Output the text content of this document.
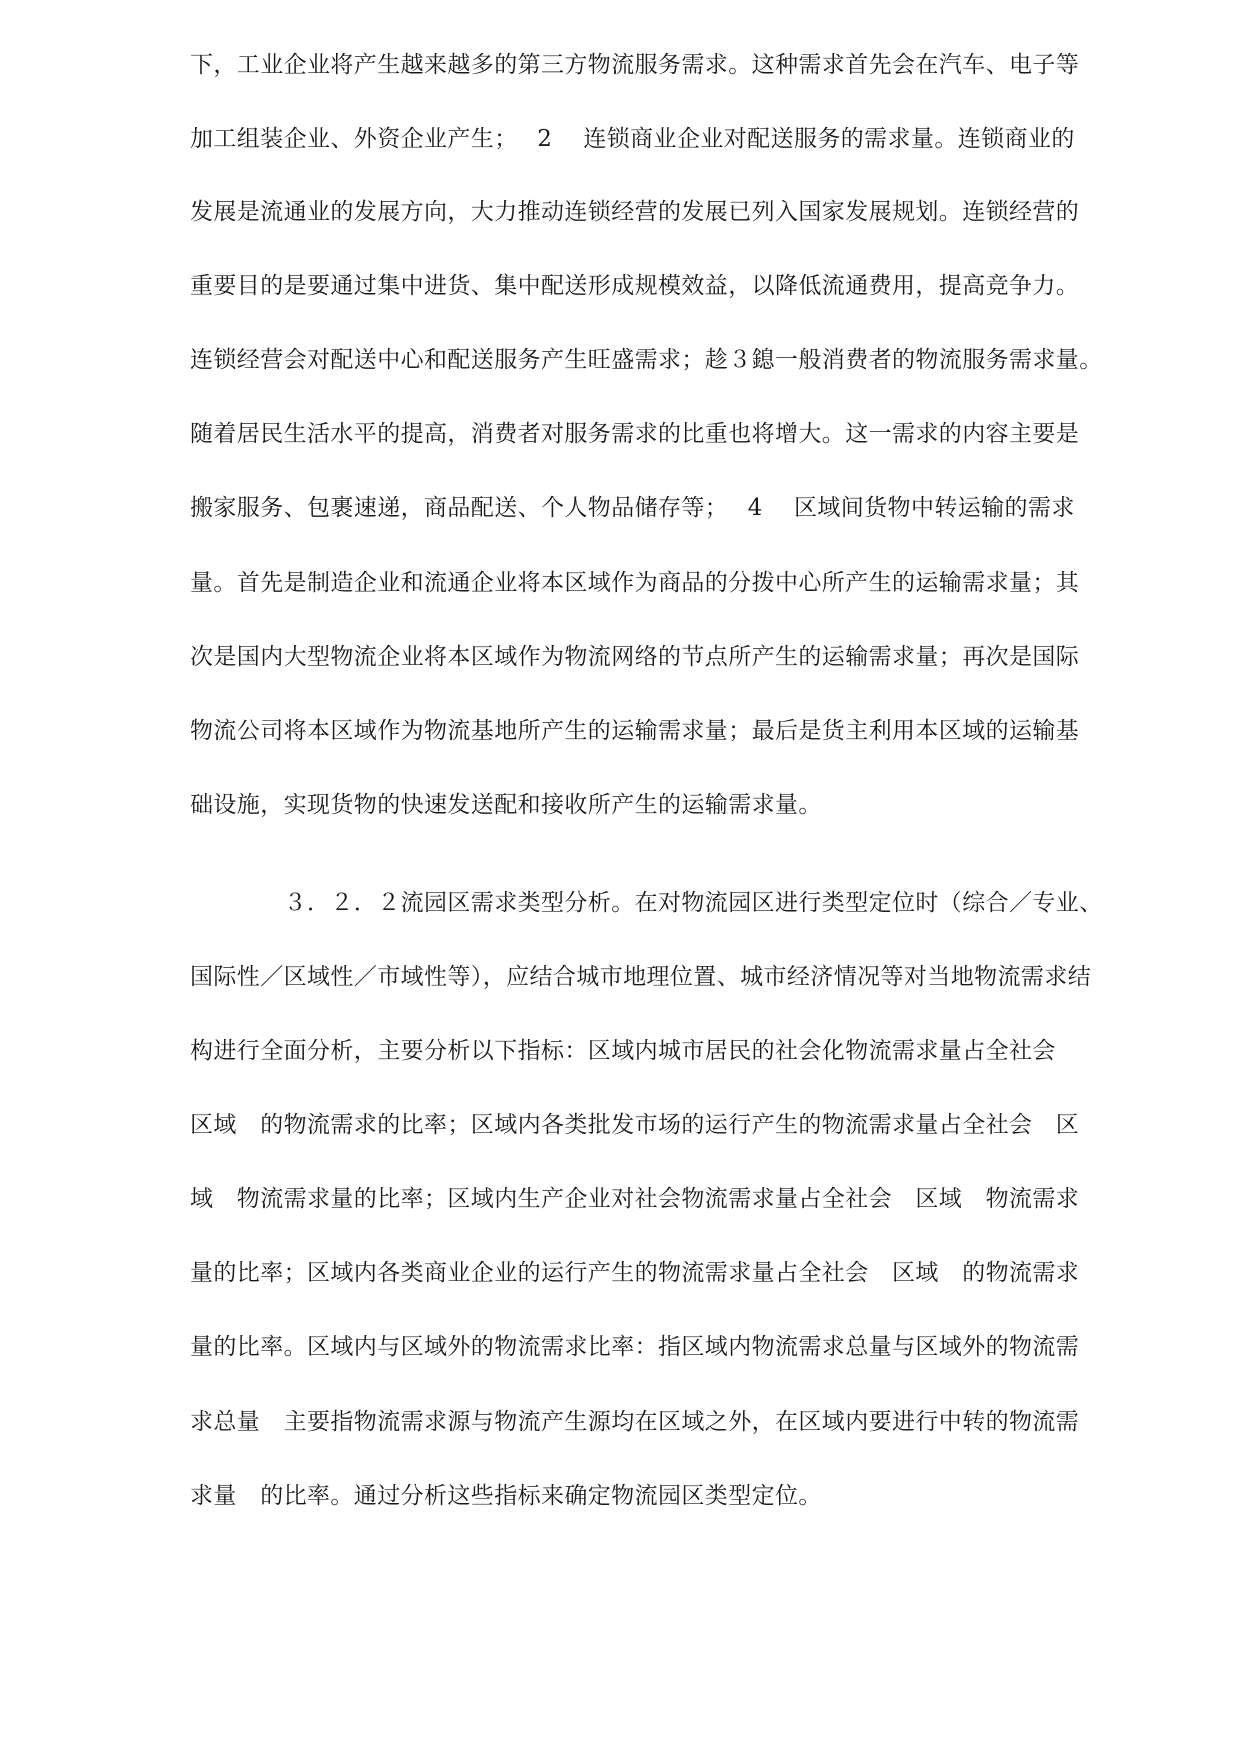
下，工业企业将产生越来越多的第三方物流服务需求。这种需求首先会在汽车、电子等
加工组装企业、外资企业产生；　 2　 连锁商业企业对配送服务的需求量。连锁商业的
发展是流通业的发展方向，大力推动连锁经营的发展已列入国家发展规划。连锁经营的
重要目的是要通过集中进货、集中配送形成规模效益，以降低流通费用，提高竞争力。
连锁经营会对配送中心和配送服务产生旺盛需求；趁３鎴一般消费者的物流服务需求量。
随着居民生活水平的提高，消费者对服务需求的比重也将增大。这一需求的内容主要是
搬家服务、包裹速递，商品配送、个人物品储存等；　 4　 区域间货物中转运输的需求
量。首先是制造企业和流通企业将本区域作为商品的分拨中心所产生的运输需求量；其
次是国内大型物流企业将本区域作为物流网络的节点所产生的运输需求量；再次是国际
物流公司将本区域作为物流基地所产生的运输需求量；最后是货主利用本区域的运输基
础设施，实现货物的快速发送配和接收所产生的运输需求量。
　　　　３．２．２流园区需求类型分析。在对物流园区进行类型定位时（综合／专业、
国际性／区域性／市域性等），应结合城市地理位置、城市经济情况等对当地物流需求结
构进行全面分析，主要分析以下指标：区域内城市居民的社会化物流需求量占全社会
区域　的物流需求的比率；区域内各类批发市场的运行产生的物流需求量占全社会　区
域　物流需求量的比率；区域内生产企业对社会物流需求量占全社会　区域　物流需求
量的比率；区域内各类商业企业的运行产生的物流需求量占全社会　区域　的物流需求
量的比率。区域内与区域外的物流需求比率：指区域内物流需求总量与区域外的物流需
求总量　主要指物流需求源与物流产生源均在区域之外，在区域内要进行中转的物流需
求量　的比率。通过分析这些指标来确定物流园区类型定位。
